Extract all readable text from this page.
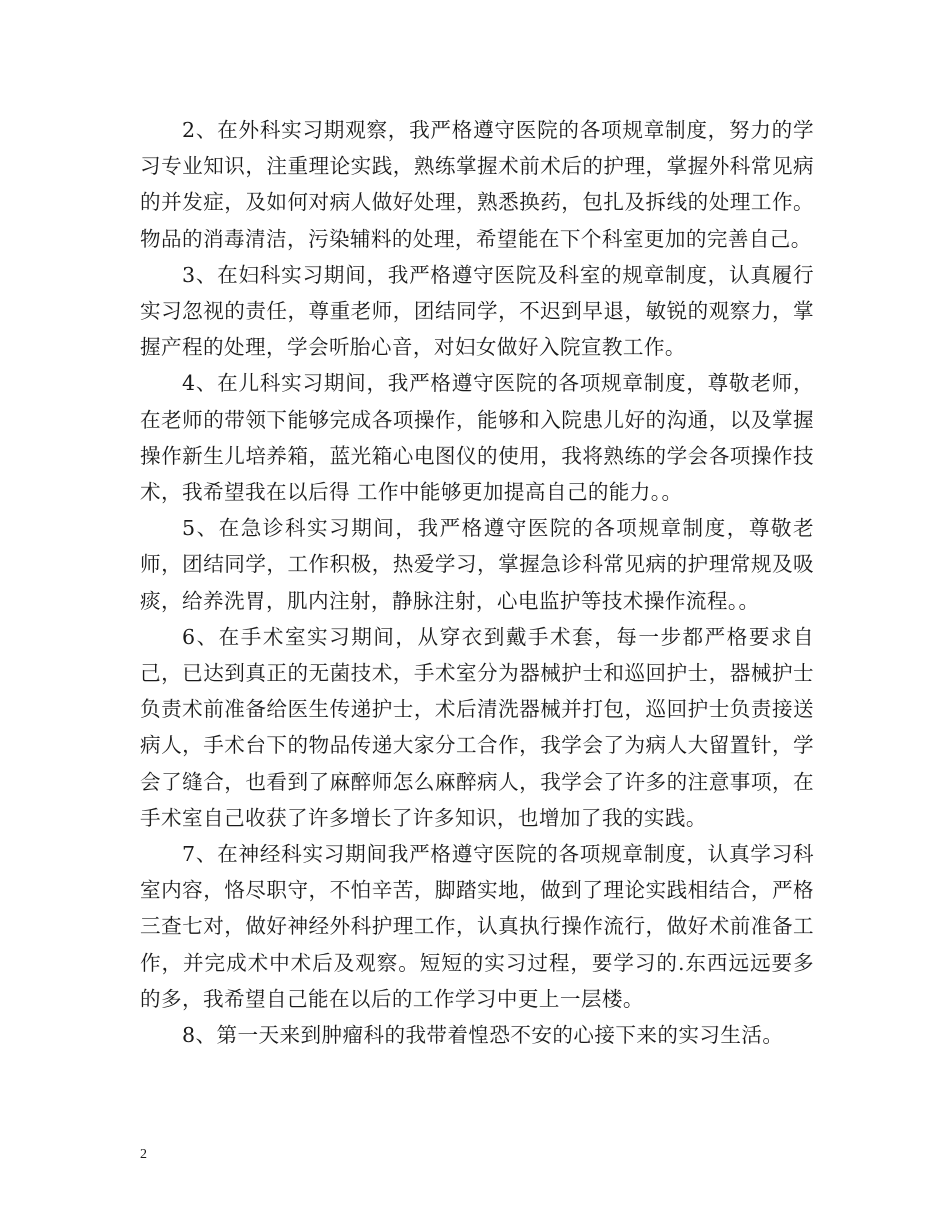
2、在外科实习期观察，我严格遵守医院的各项规章制度，努力的学习专业知识，注重理论实践，熟练掌握术前术后的护理，掌握外科常见病的并发症，及如何对病人做好处理，熟悉换药，包扎及拆线的处理工作。物品的消毒清洁，污染辅料的处理，希望能在下个科室更加的完善自己。

3、在妇科实习期间，我严格遵守医院及科室的规章制度，认真履行实习忽视的责任，尊重老师，团结同学，不迟到早退，敏锐的观察力，掌握产程的处理，学会听胎心音，对妇女做好入院宣教工作。

4、在儿科实习期间，我严格遵守医院的各项规章制度，尊敬老师，在老师的带领下能够完成各项操作，能够和入院患儿好的沟通，以及掌握操作新生儿培养箱，蓝光箱心电图仪的使用，我将熟练的学会各项操作技术，我希望我在以后得 工作中能够更加提高自己的能力。。

5、在急诊科实习期间，我严格遵守医院的各项规章制度，尊敬老师，团结同学，工作积极，热爱学习，掌握急诊科常见病的护理常规及吸痰，给养洗胃，肌内注射，静脉注射，心电监护等技术操作流程。。

6、在手术室实习期间，从穿衣到戴手术套，每一步都严格要求自己，已达到真正的无菌技术，手术室分为器械护士和巡回护士，器械护士负责术前准备给医生传递护士，术后清洗器械并打包，巡回护士负责接送病人，手术台下的物品传递大家分工合作，我学会了为病人大留置针，学会了缝合，也看到了麻醉师怎么麻醉病人，我学会了许多的注意事项，在手术室自己收获了许多增长了许多知识，也增加了我的实践。

7、在神经科实习期间我严格遵守医院的各项规章制度，认真学习科室内容，恪尽职守，不怕辛苦，脚踏实地，做到了理论实践相结合，严格三查七对，做好神经外科护理工作，认真执行操作流行，做好术前准备工作，并完成术中术后及观察。短短的实习过程，要学习的.东西远远要多的多，我希望自己能在以后的工作学习中更上一层楼。

8、第一天来到肿瘤科的我带着惶恐不安的心接下来的实习生活。

2
